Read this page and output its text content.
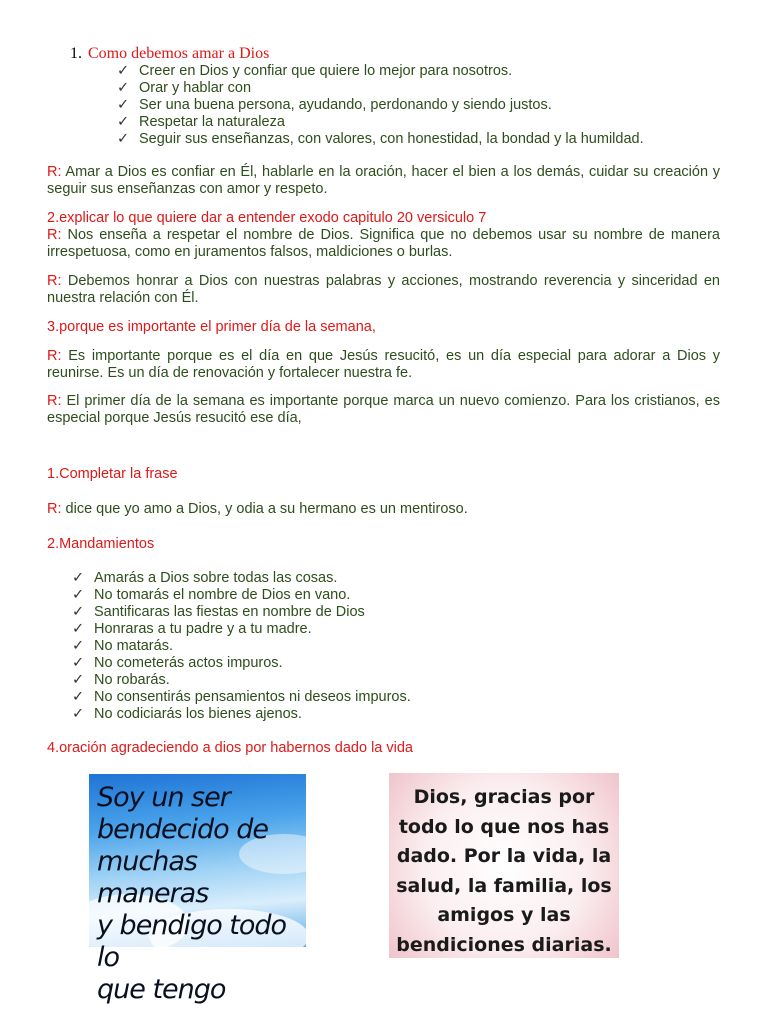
1. Como debemos amar a Dios
✓ Creer en Dios y confiar que quiere lo mejor para nosotros.
✓ Orar y hablar con
✓ Ser una buena persona, ayudando, perdonando y siendo justos.
✓ Respetar la naturaleza
✓ Seguir sus enseñanzas, con valores, con honestidad, la bondad y la humildad.
R: Amar a Dios es confiar en Él, hablarle en la oración, hacer el bien a los demás, cuidar su creación y seguir sus enseñanzas con amor y respeto.
2.explicar lo que quiere dar a entender exodo capitulo 20 versiculo 7
R: Nos enseña a respetar el nombre de Dios. Significa que no debemos usar su nombre de manera irrespetuosa, como en juramentos falsos, maldiciones o burlas.
R: Debemos honrar a Dios con nuestras palabras y acciones, mostrando reverencia y sinceridad en nuestra relación con Él.
3.porque es importante el primer día de la semana,
R: Es importante porque es el día en que Jesús resucitó, es un día especial para adorar a Dios y reunirse. Es un día de renovación y fortalecer nuestra fe.
R: El primer día de la semana es importante porque marca un nuevo comienzo. Para los cristianos, es especial porque Jesús resucitó ese día,
1.Completar la frase
R: dice que yo amo a Dios, y odia a su hermano es un mentiroso.
2.Mandamientos
✓ Amarás a Dios sobre todas las cosas.
✓ No tomarás el nombre de Dios en vano.
✓ Santificaras las fiestas en nombre de Dios
✓ Honraras a tu padre y a tu madre.
✓ No matarás.
✓ No cometerás actos impuros.
✓ No robarás.
✓ No consentirás pensamientos ni deseos impuros.
✓ No codiciarás los bienes ajenos.
4.oración agradeciendo a dios por habernos dado la vida
Soy un ser
bendecido de
muchas maneras
y bendigo todo lo
que tengo
Dios, gracias por
todo lo que nos has
dado. Por la vida, la
salud, la familia, los
amigos y las
bendiciones diarias.
